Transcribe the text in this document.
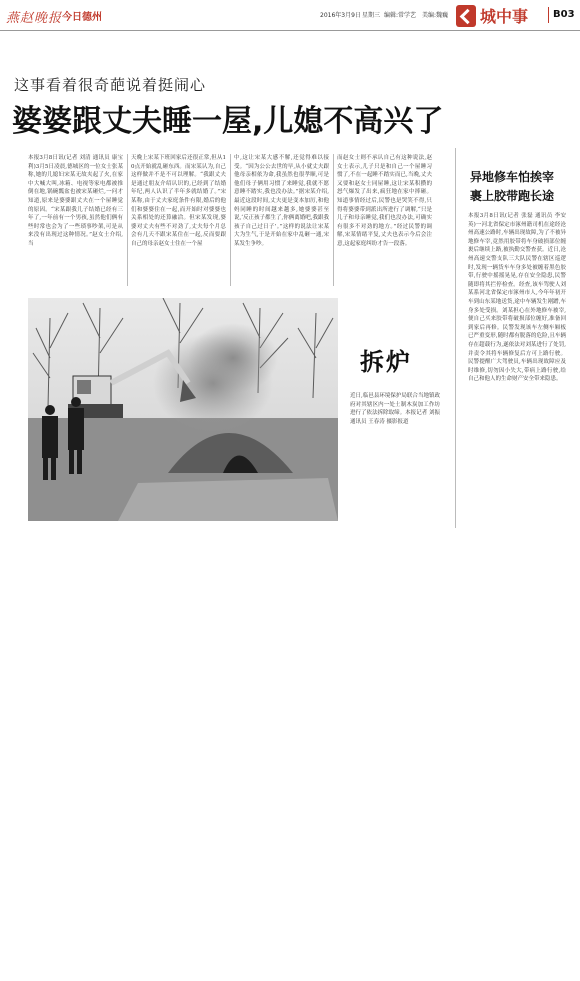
燕赵晚报 今日德州	2016年3月9日 星期三 编辑:常学艺 美编:魏巍 城中事 B03
这事看着很奇葩说着挺闹心
婆婆跟丈夫睡一屋,儿媳不高兴了
本报3月8日讯(记者 刘清 通讯员 康宝利)3月5日凌晨,德城区的一位女士张某称,她的儿媳妇宋某无故夹起了火,在家中大喊大叫,冰箱、电视等家电都被推倒在地,锅碗瓢盆也被宋某砸烂,一问才知道,原来是婆婆跟丈夫在一个屋睡觉的原因。“宋某跟我儿子结婚已经有三年了,一年前有一个男孩,虽然他们俩有些时常也会为了一些琐事吵架,可是从来没有出现过这种情况。”赵女士介绍,当
天晚上宋某下班回家后还很正常,但从10点开始就乱砸东西。而宋某认为,自己这样做并不是不可以理解。“我跟丈夫是通过朋友介绍认识的,已经到了结婚年纪,两人认识了半年多就结婚了。”宋某称,由于丈夫家庭条件有限,婚后的他们和婆婆住在一起,而开始时对婆婆也关系相处的还算融洽。但宋某发现,婆婆对丈夫有些不对劲了,丈夫每个月总会有几天不跟宋某住在一起,反而要跟自己的母亲赵女士住在一个屋
中,这让宋某大感不解,还觉得难以接受。“因为公公去世的早,从小就丈夫跟他母亲相依为命,我虽然也很孝顺,可是他们母子俩用习惯了来睡觉,我就不愿意睡不踏实,我也没办法。”据宋某介绍,最近这段时间,丈夫更是变本加厉,和他妈同睡的时间越来越多,她婆婆甚至说,‘反正孩子都生了,你俩离婚吧,我跟我孩子自己过日子’。”这样的说法让宋某大为生气,于是开始在家中乱砸一通,宋某发生争吵。
而赵女士则不承认自己有这种说法,赵女士表示,儿子只是和自己一个屋睡习惯了,不在一起睡不踏实而已,当晚,丈夫又要和赵女士同屋睡,这让宋某积攒的怒气爆发了出来,疯狂地在家中摔砸。知道事情经过后,民警也是哭笑不得,只得将婆婆带到派出所进行了调解,“只是儿子和母亲睡觉,我们也没办法,可确实有很多不对劲的地方。”经过民警的调解,宋某情绪平复,丈夫也表示今后会注意,这起家庭纠纷才告一段落。
异地修车怕挨宰
裹上胶带跑长途
本报3月8日讯(记者 张磊 通讯员 李安英)一河北省保定市涿州籍司机在途经沧州高速公路时,车辆出现故障,为了不被异地修车宰,竟然用胶带将车身破损部位缠裹后继续上路,被执勤交警查获。近日,沧州高速交警支队三大队民警在辖区巡逻时,发现一辆货车车身多处被缠着黑色胶带,行驶中摇摇晃晃,存在安全隐患,民警随即将其拦停检查。经查,该车驾驶人刘某系河北省保定市涿州市人,今年年初开车到山东某地送货,途中车辆发生剐蹭,车身多处受损。刘某担心在外地修车被宰,便自己买来胶带将破损部位缠好,准备回到家后再修。民警发现该车左侧车厢板已严重变形,随时都有脱落的危险,且车辆存在超载行为,遂依法对刘某进行了处罚,并责令其将车辆修复后方可上路行驶。民警提醒广大驾驶员,车辆出现故障应及时维修,切勿因小失大,带病上路行驶,给自己和他人的生命财产安全带来隐患。
拆炉
近日,临邑县环境保护局联合当地镇政府对其辖区内一处土制木炭加工作坊进行了依法拆除取缔。本报记者 刘振 通讯员 王春涛 摄影报道
